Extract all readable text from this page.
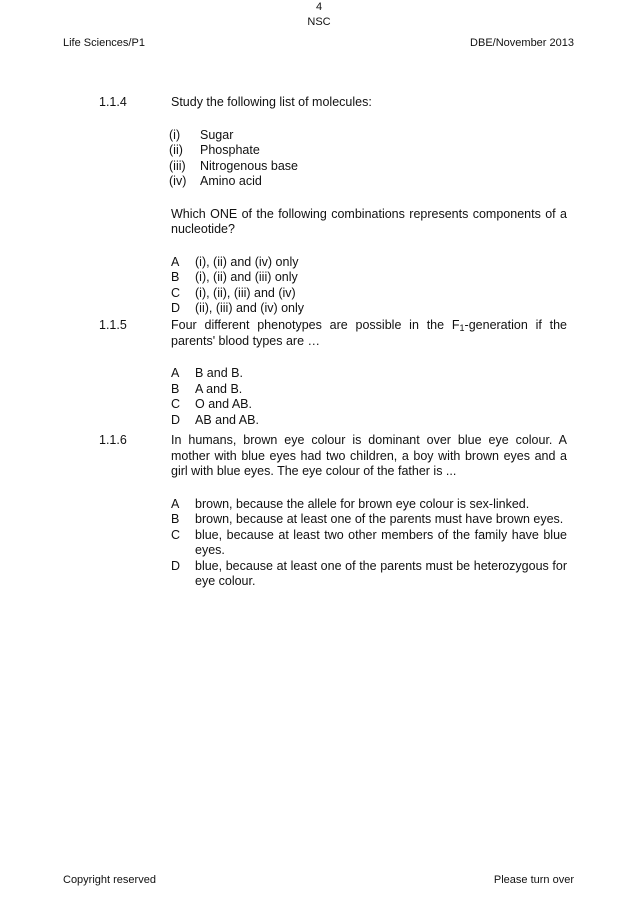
Life Sciences/P1
4
NSC
DBE/November 2013
1.1.4	Study the following list of molecules:

(i)	Sugar
(ii)	Phosphate
(iii)	Nitrogenous base
(iv)	Amino acid

Which ONE of the following combinations represents components of a nucleotide?

A	(i), (ii) and (iv) only
B	(i), (ii) and (iii) only
C	(i), (ii), (iii) and (iv)
D	(ii), (iii) and (iv) only
1.1.5	Four different phenotypes are possible in the $F_1$-generation if the parents' blood types are …

A	B and B.
B	A and B.
C	O and AB.
D	AB and AB.
1.1.6	In humans, brown eye colour is dominant over blue eye colour. A mother with blue eyes had two children, a boy with brown eyes and a girl with blue eyes. The eye colour of the father is ...

A	brown, because the allele for brown eye colour is sex-linked.
B	brown, because at least one of the parents must have brown eyes.
C	blue, because at least two other members of the family have blue eyes.
D	blue, because at least one of the parents must be heterozygous for eye colour.
Copyright reserved	Please turn over
